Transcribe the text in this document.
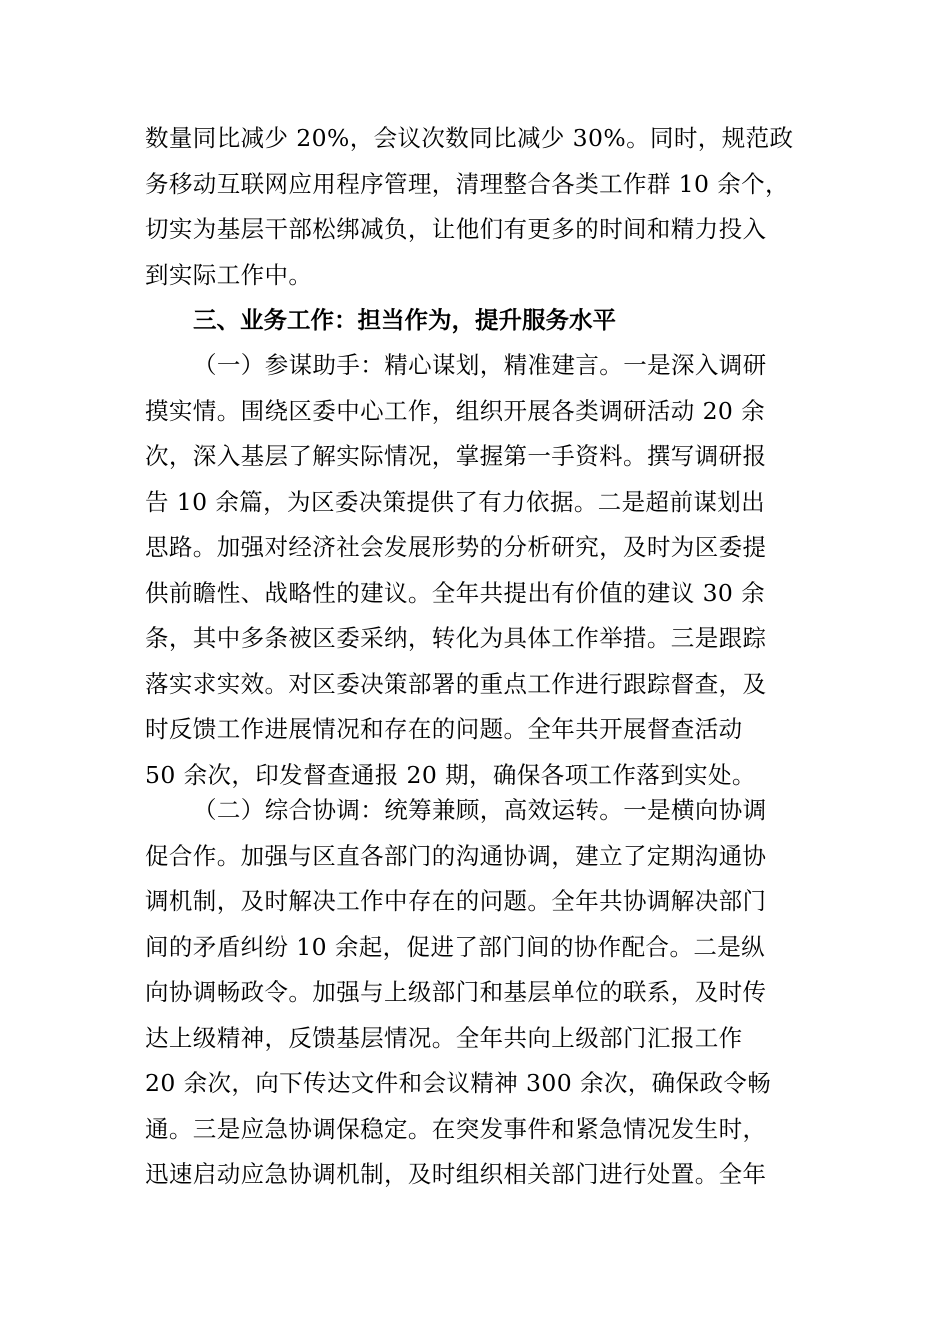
数量同比减少 20%，会议次数同比减少 30%。同时，规范政
务移动互联网应用程序管理，清理整合各类工作群 10 余个，
切实为基层干部松绑减负，让他们有更多的时间和精力投入
到实际工作中。
三、业务工作：担当作为，提升服务水平
（一）参谋助手：精心谋划，精准建言。一是深入调研
摸实情。围绕区委中心工作，组织开展各类调研活动 20 余
次，深入基层了解实际情况，掌握第一手资料。撰写调研报
告 10 余篇，为区委决策提供了有力依据。二是超前谋划出
思路。加强对经济社会发展形势的分析研究，及时为区委提
供前瞻性、战略性的建议。全年共提出有价值的建议 30 余
条，其中多条被区委采纳，转化为具体工作举措。三是跟踪
落实求实效。对区委决策部署的重点工作进行跟踪督查，及
时反馈工作进展情况和存在的问题。全年共开展督查活动
50 余次，印发督查通报 20 期，确保各项工作落到实处。
（二）综合协调：统筹兼顾，高效运转。一是横向协调
促合作。加强与区直各部门的沟通协调，建立了定期沟通协
调机制，及时解决工作中存在的问题。全年共协调解决部门
间的矛盾纠纷 10 余起，促进了部门间的协作配合。二是纵
向协调畅政令。加强与上级部门和基层单位的联系，及时传
达上级精神，反馈基层情况。全年共向上级部门汇报工作
20 余次，向下传达文件和会议精神 300 余次，确保政令畅
通。三是应急协调保稳定。在突发事件和紧急情况发生时，
迅速启动应急协调机制，及时组织相关部门进行处置。全年
